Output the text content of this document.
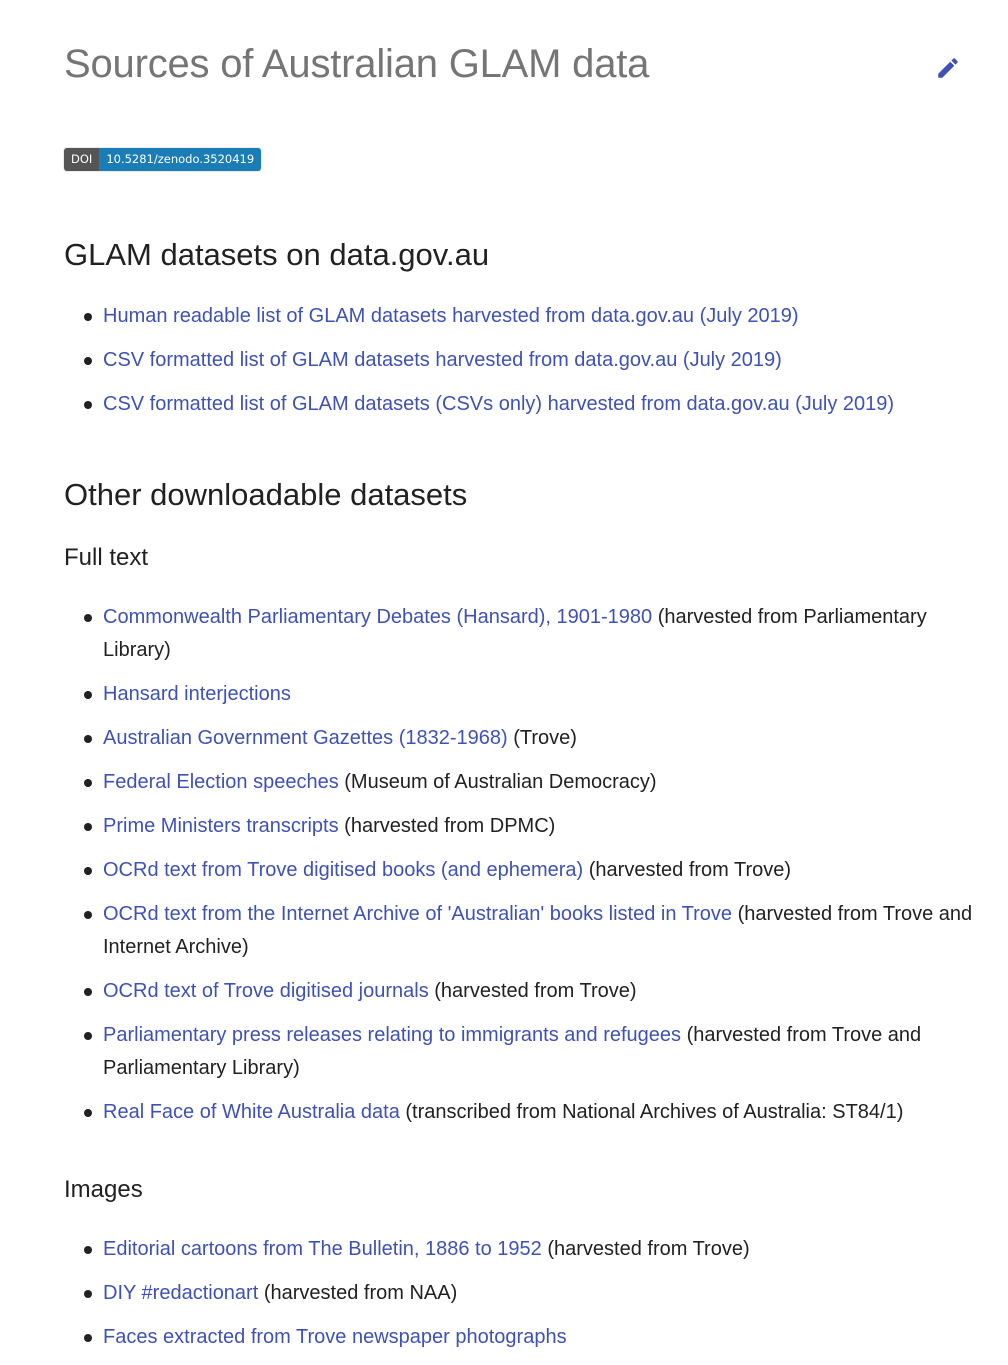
Sources of Australian GLAM data
DOI	10.5281/zenodo.3520419
GLAM datasets on data.gov.au
Human readable list of GLAM datasets harvested from data.gov.au (July 2019)
CSV formatted list of GLAM datasets harvested from data.gov.au (July 2019)
CSV formatted list of GLAM datasets (CSVs only) harvested from data.gov.au (July 2019)
Other downloadable datasets
Full text
Commonwealth Parliamentary Debates (Hansard), 1901-1980 (harvested from Parliamentary Library)
Hansard interjections
Australian Government Gazettes (1832-1968) (Trove)
Federal Election speeches (Museum of Australian Democracy)
Prime Ministers transcripts (harvested from DPMC)
OCRd text from Trove digitised books (and ephemera) (harvested from Trove)
OCRd text from the Internet Archive of 'Australian' books listed in Trove (harvested from Trove and Internet Archive)
OCRd text of Trove digitised journals (harvested from Trove)
Parliamentary press releases relating to immigrants and refugees (harvested from Trove and Parliamentary Library)
Real Face of White Australia data (transcribed from National Archives of Australia: ST84/1)
Images
Editorial cartoons from The Bulletin, 1886 to 1952 (harvested from Trove)
DIY #redactionart (harvested from NAA)
Faces extracted from Trove newspaper photographs
